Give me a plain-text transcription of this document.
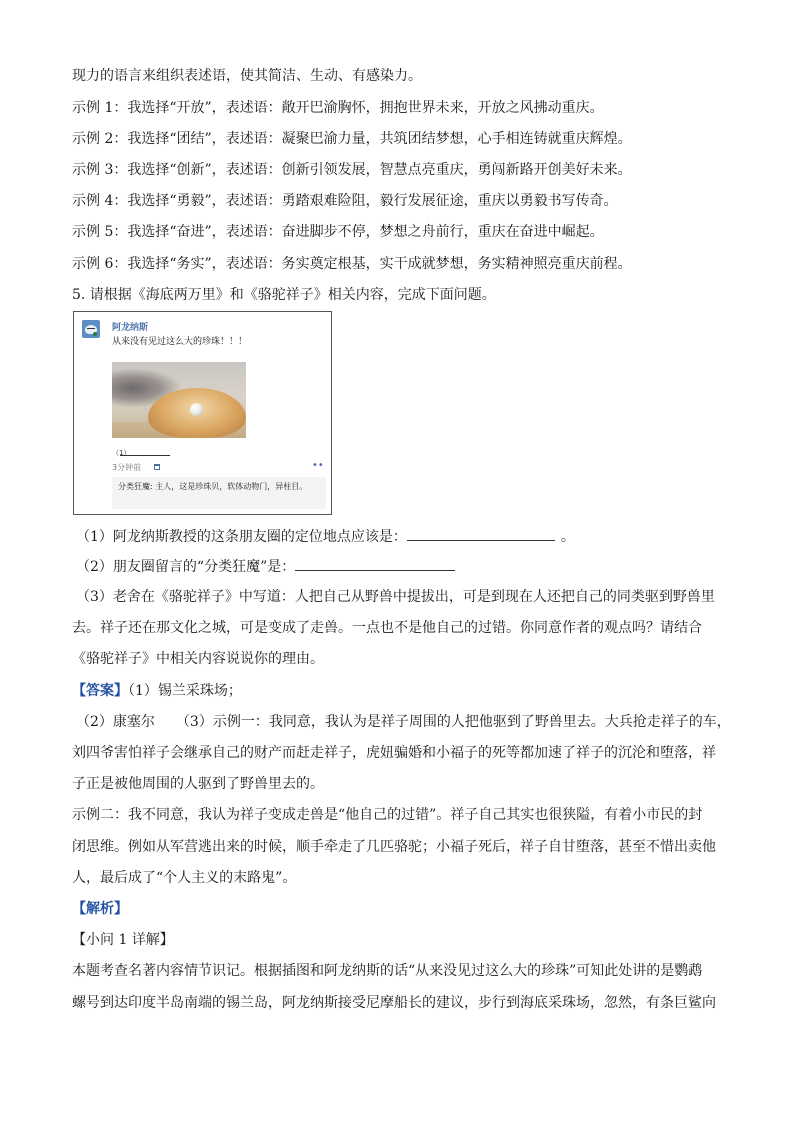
现力的语言来组织表述语，使其简洁、生动、有感染力。
示例 1：我选择“开放”，表述语：敞开巴渝胸怀，拥抱世界未来，开放之风拂动重庆。
示例 2：我选择“团结”，表述语：凝聚巴渝力量，共筑团结梦想，心手相连铸就重庆辉煌。
示例 3：我选择“创新”，表述语：创新引领发展，智慧点亮重庆，勇闯新路开创美好未来。
示例 4：我选择“勇毅”，表述语：勇踏艰难险阻，毅行发展征途，重庆以勇毅书写传奇。
示例 5：我选择“奋进”，表述语：奋进脚步不停，梦想之舟前行，重庆在奋进中崛起。
示例 6：我选择“务实”，表述语：务实奠定根基，实干成就梦想，务实精神照亮重庆前程。
5. 请根据《海底两万里》和《骆驼祥子》相关内容，完成下面问题。
阿龙纳斯
从来没有见过这么大的珍珠！！！
（1）
3分钟前	••
分类狂魔: 主人，这是珍珠贝，软体动物门，异柱目。
（1）阿龙纳斯教授的这条朋友圈的定位地点应该是：	。
（2）朋友圈留言的“分类狂魔”是：
（3）老舍在《骆驼祥子》中写道：人把自己从野兽中提拔出，可是到现在人还把自己的同类驱到野兽里
去。祥子还在那文化之城，可是变成了走兽。一点也不是他自己的过错。你同意作者的观点吗？请结合
《骆驼祥子》中相关内容说说你的理由。
【答案】（1）锡兰采珠场；
（2）康塞尔　　（3）示例一：我同意，我认为是祥子周围的人把他驱到了野兽里去。大兵抢走祥子的车，
刘四爷害怕祥子会继承自己的财产而赶走祥子，虎妞骗婚和小福子的死等都加速了祥子的沉沦和堕落，祥
子正是被他周围的人驱到了野兽里去的。
示例二：我不同意，我认为祥子变成走兽是“他自己的过错”。祥子自己其实也很狭隘，有着小市民的封
闭思维。例如从军营逃出来的时候，顺手牵走了几匹骆驼；小福子死后，祥子自甘堕落，甚至不惜出卖他
人，最后成了“个人主义的末路鬼”。
【解析】
【小问 1 详解】
本题考查名著内容情节识记。根据插图和阿龙纳斯的话“从来没见过这么大的珍珠”可知此处讲的是鹦鹉
螺号到达印度半岛南端的锡兰岛，阿龙纳斯接受尼摩船长的建议，步行到海底采珠场，忽然，有条巨鲨向
